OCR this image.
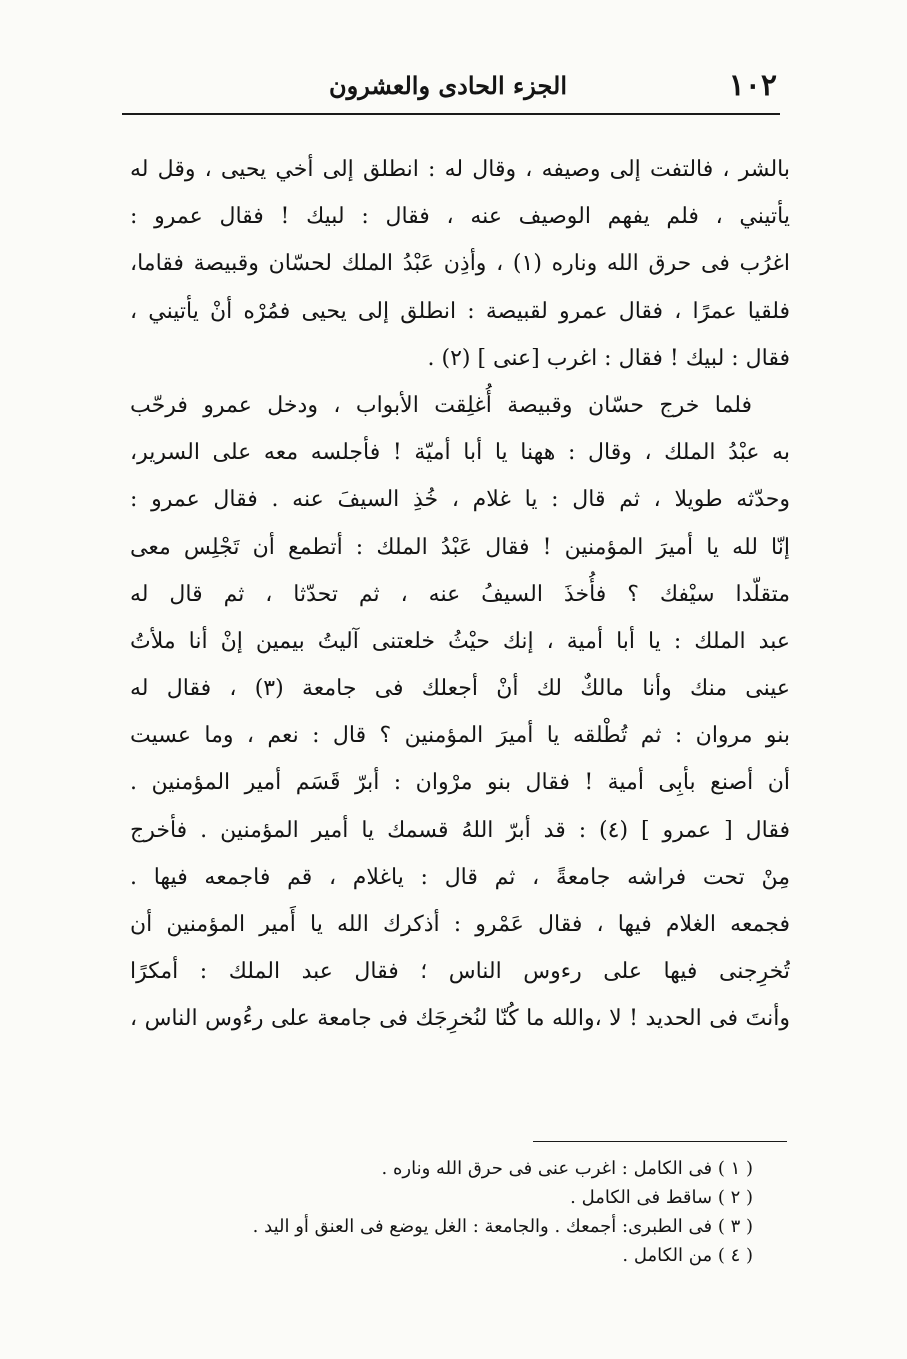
١٠٢
الجزء الحادى والعشرون
بالشر ، فالتفت إلى وصيفه ، وقال له : انطلق إلى أخي يحيى ، وقل له
يأتيني ، فلم يفهم الوصيف عنه ، فقال : لبيك ! فقال عمرو :
اغرُب فى حرق الله وناره (١) ، وأذِن عَبْدُ الملك لحسّان وقبيصة فقاما،
فلقيا عمرًا ، فقال عمرو لقبيصة : انطلق إلى يحيى فمُرْه أنْ يأتيني ،
فقال : لبيك ! فقال : اغرب [عنى ] (٢) .
فلما خرج حسّان وقبيصة أُغلِقت الأبواب ، ودخل عمرو فرحّب
به عبْدُ الملك ، وقال : ههنا يا أبا أميّة ! فأجلسه معه على السرير،
وحدّثه طويلا ، ثم قال : يا غلام ، خُذِ السيفَ عنه . فقال عمرو :
إنّا لله يا أميرَ المؤمنين ! فقال عَبْدُ الملك : أتطمع أن تَجْلِس معى
متقلّدا سيْفك ؟ فأُخذَ السيفُ عنه ، ثم تحدّثا ، ثم قال له
عبد الملك : يا أبا أمية ، إنك حيْثُ خلعتنى آليتُ بيمين إنْ أنا ملأتُ
عينى منك وأنا مالكٌ لك أنْ أجعلك فى جامعة (٣) ، فقال له
بنو مروان : ثم تُطْلقه يا أميرَ المؤمنين ؟ قال : نعم ، وما عسيت
أن أصنع بأبِى أمية ! فقال بنو مرْوان : أبرّ قَسَم أمير المؤمنين .
فقال [ عمرو ] (٤) : قد أبرّ اللهُ قسمك يا أمير المؤمنين . فأخرج
مِنْ تحت فراشه جامعةً ، ثم قال : ياغلام ، قم فاجمعه فيها .
فجمعه الغلام فيها ، فقال عَمْرو : أذكرك الله يا أَمير المؤمنين أن
تُخرِجنى فيها على رءوس الناس ؛ فقال عبد الملك : أمكرًا
وأنتَ فى الحديد ! لا ،والله ما كُنّا لنُخرِجَك فى جامعة على رءُوس الناس ،
( ١ ) فى الكامل : اغرب عنى فى حرق الله وناره .
( ٢ ) ساقط فى الكامل .
( ٣ ) فى الطبرى: أجمعك . والجامعة : الغل يوضع فى العنق أو اليد .
( ٤ ) من الكامل .
